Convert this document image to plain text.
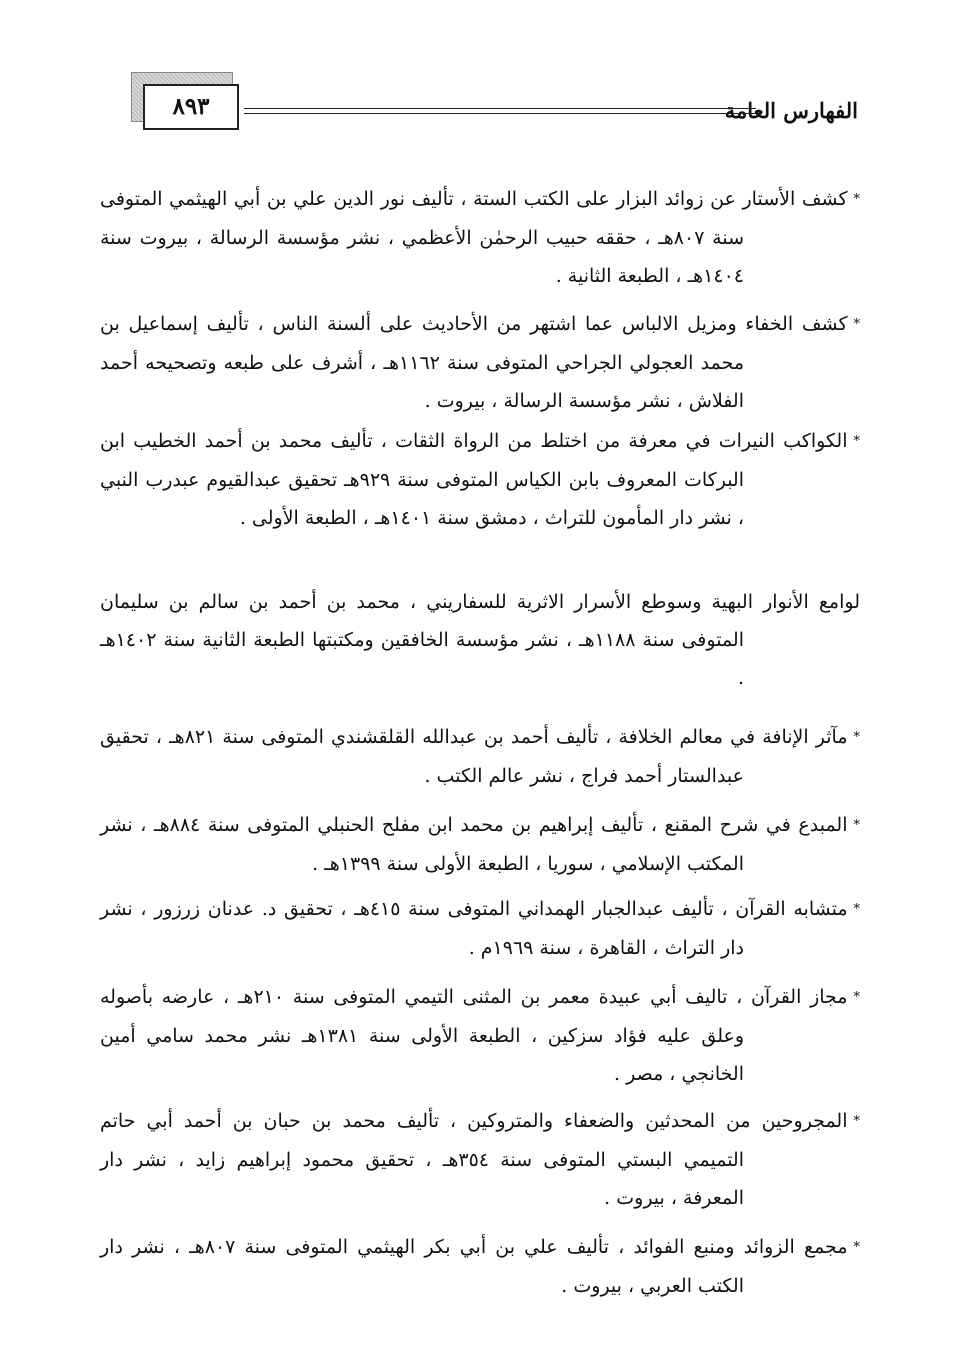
الفهارس العامة
٨٩٣
*كشف الأستار عن زوائد البزار على الكتب الستة ، تأليف نور الدين علي بن أبي الهيثمي المتوفى سنة ٨٠٧هـ ، حققه حبيب الرحمٰن الأعظمي ، نشر مؤسسة الرسالة ، بيروت سنة ١٤٠٤هـ ، الطبعة الثانية .
*كشف الخفاء ومزيل الالباس عما اشتهر من الأحاديث على ألسنة الناس ، تأليف إسماعيل بن محمد العجولي الجراحي المتوفى سنة ١١٦٢هـ ، أشرف على طبعه وتصحيحه أحمد الفلاش ، نشر مؤسسة الرسالة ، بيروت .
*الكواكب النيرات في معرفة من اختلط من الرواة الثقات ، تأليف محمد بن أحمد الخطيب ابن البركات المعروف بابن الكياس المتوفى سنة ٩٢٩هـ تحقيق عبدالقيوم عبدرب النبي ، نشر دار المأمون للتراث ، دمشق سنة ١٤٠١هـ ، الطبعة الأولى .
لوامع الأنوار البهية وسوطع الأسرار الاثرية للسفاريني ، محمد بن أحمد بن سالم بن سليمان المتوفى سنة ١١٨٨هـ ، نشر مؤسسة الخافقين ومكتبتها الطبعة الثانية سنة ١٤٠٢هـ .
*مآثر الإنافة في معالم الخلافة ، تأليف أحمد بن عبدالله القلقشندي المتوفى سنة ٨٢١هـ ، تحقيق عبدالستار أحمد فراج ، نشر عالم الكتب .
*المبدع في شرح المقنع ، تأليف إبراهيم بن محمد ابن مفلح الحنبلي المتوفى سنة ٨٨٤هـ ، نشر المكتب الإسلامي ، سوريا ، الطبعة الأولى سنة ١٣٩٩هـ .
*متشابه القرآن ، تأليف عبدالجبار الهمداني المتوفى سنة ٤١٥هـ ، تحقيق د. عدنان زرزور ، نشر دار التراث ، القاهرة ، سنة ١٩٦٩م .
*مجاز القرآن ، تاليف أبي عبيدة معمر بن المثنى التيمي المتوفى سنة ٢١٠هـ ، عارضه بأصوله وعلق عليه فؤاد سزكين ، الطبعة الأولى سنة ١٣٨١هـ نشر محمد سامي أمين الخانجي ، مصر .
*المجروحين من المحدثين والضعفاء والمتروكين ، تأليف محمد بن حبان بن أحمد أبي حاتم التميمي البستي المتوفى سنة ٣٥٤هـ ، تحقيق محمود إبراهيم زايد ، نشر دار المعرفة ، بيروت .
*مجمع الزوائد ومنبع الفوائد ، تأليف علي بن أبي بكر الهيثمي المتوفى سنة ٨٠٧هـ ، نشر دار الكتب العربي ، بيروت .
